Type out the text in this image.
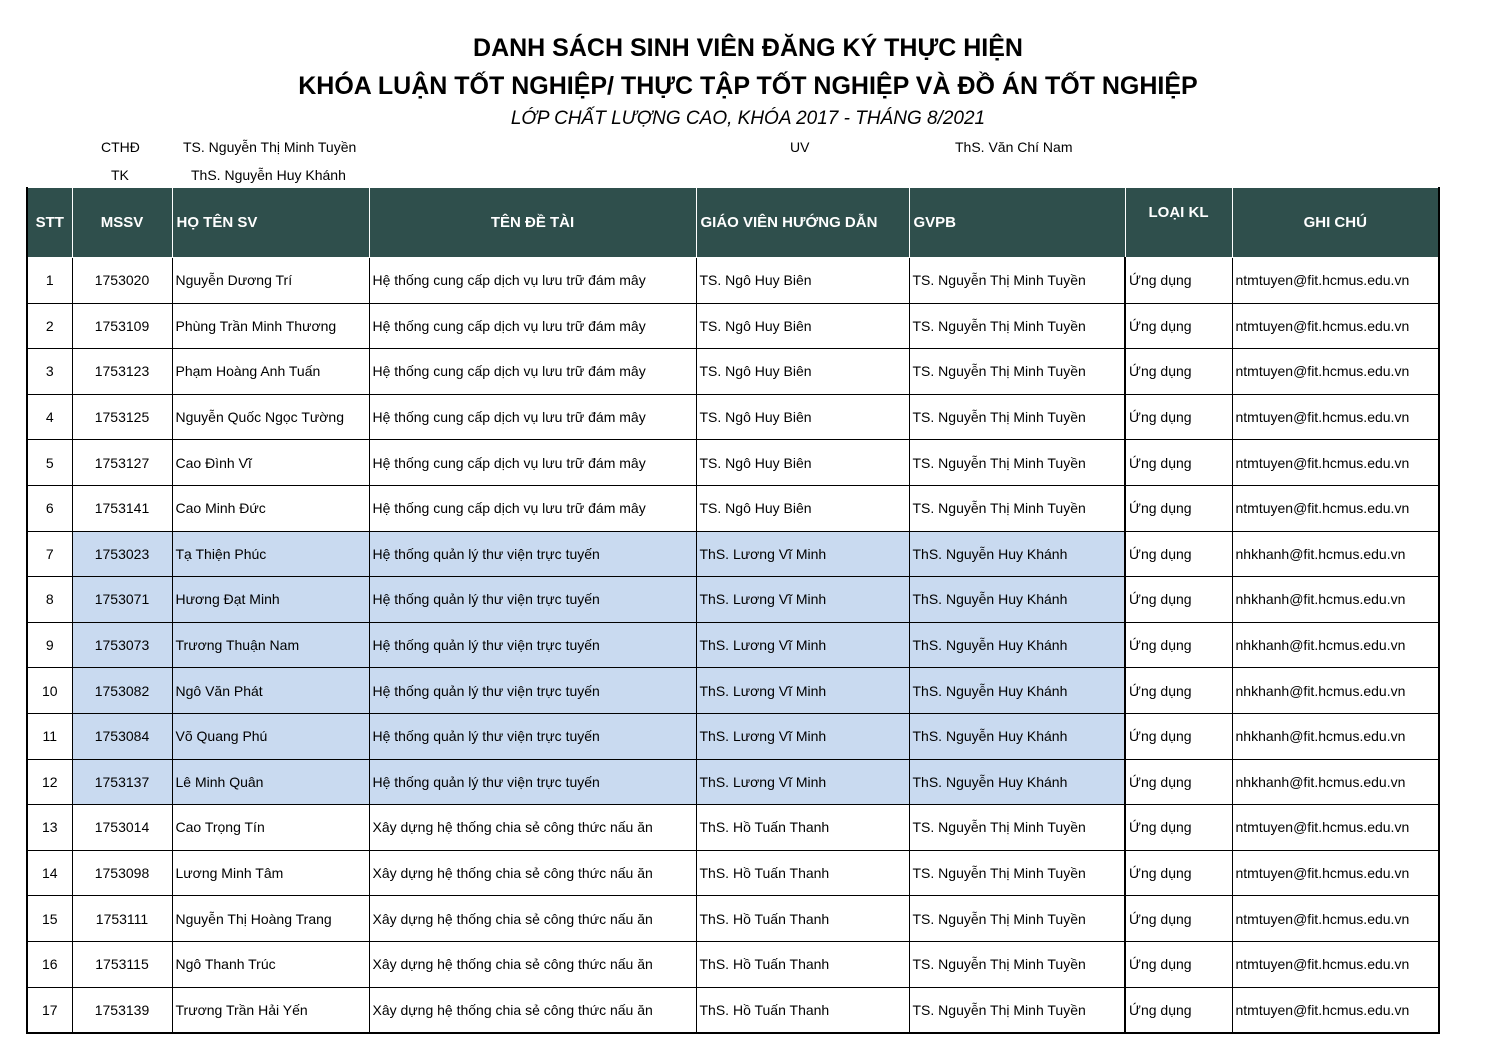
DANH SÁCH SINH VIÊN ĐĂNG KÝ THỰC HIỆN
KHÓA LUẬN TỐT NGHIỆP/ THỰC TẬP TỐT NGHIỆP VÀ ĐỒ ÁN TỐT NGHIỆP
LỚP CHẤT LƯỢNG CAO, KHÓA 2017 - THÁNG 8/2021
CTHĐ	TS. Nguyễn Thị Minh Tuyền
TK	ThS. Nguyễn Huy Khánh
UV	ThS. Văn Chí Nam
STT	MSSV	HỌ TÊN SV	TÊN ĐỀ TÀI	GIÁO VIÊN HƯỚNG DẪN	GVPB	LOẠI KL	GHI CHÚ
1	1753020	Nguyễn Dương Trí	Hệ thống cung cấp dịch vụ lưu trữ đám mây	TS. Ngô Huy Biên	TS. Nguyễn Thị Minh Tuyền	Ứng dụng	ntmtuyen@fit.hcmus.edu.vn
2	1753109	Phùng Trần Minh Thương	Hệ thống cung cấp dịch vụ lưu trữ đám mây	TS. Ngô Huy Biên	TS. Nguyễn Thị Minh Tuyền	Ứng dụng	ntmtuyen@fit.hcmus.edu.vn
3	1753123	Phạm Hoàng Anh Tuấn	Hệ thống cung cấp dịch vụ lưu trữ đám mây	TS. Ngô Huy Biên	TS. Nguyễn Thị Minh Tuyền	Ứng dụng	ntmtuyen@fit.hcmus.edu.vn
4	1753125	Nguyễn Quốc Ngọc Tường	Hệ thống cung cấp dịch vụ lưu trữ đám mây	TS. Ngô Huy Biên	TS. Nguyễn Thị Minh Tuyền	Ứng dụng	ntmtuyen@fit.hcmus.edu.vn
5	1753127	Cao Đình Vĩ	Hệ thống cung cấp dịch vụ lưu trữ đám mây	TS. Ngô Huy Biên	TS. Nguyễn Thị Minh Tuyền	Ứng dụng	ntmtuyen@fit.hcmus.edu.vn
6	1753141	Cao Minh Đức	Hệ thống cung cấp dịch vụ lưu trữ đám mây	TS. Ngô Huy Biên	TS. Nguyễn Thị Minh Tuyền	Ứng dụng	ntmtuyen@fit.hcmus.edu.vn
7	1753023	Tạ Thiện Phúc	Hệ thống quản lý thư viện trực tuyến	ThS. Lương Vĩ Minh	ThS. Nguyễn Huy Khánh	Ứng dụng	nhkhanh@fit.hcmus.edu.vn
8	1753071	Hương Đạt Minh	Hệ thống quản lý thư viện trực tuyến	ThS. Lương Vĩ Minh	ThS. Nguyễn Huy Khánh	Ứng dụng	nhkhanh@fit.hcmus.edu.vn
9	1753073	Trương Thuận Nam	Hệ thống quản lý thư viện trực tuyến	ThS. Lương Vĩ Minh	ThS. Nguyễn Huy Khánh	Ứng dụng	nhkhanh@fit.hcmus.edu.vn
10	1753082	Ngô Văn Phát	Hệ thống quản lý thư viện trực tuyến	ThS. Lương Vĩ Minh	ThS. Nguyễn Huy Khánh	Ứng dụng	nhkhanh@fit.hcmus.edu.vn
11	1753084	Võ Quang Phú	Hệ thống quản lý thư viện trực tuyến	ThS. Lương Vĩ Minh	ThS. Nguyễn Huy Khánh	Ứng dụng	nhkhanh@fit.hcmus.edu.vn
12	1753137	Lê Minh Quân	Hệ thống quản lý thư viện trực tuyến	ThS. Lương Vĩ Minh	ThS. Nguyễn Huy Khánh	Ứng dụng	nhkhanh@fit.hcmus.edu.vn
13	1753014	Cao Trọng Tín	Xây dựng hệ thống chia sẻ công thức nấu ăn	ThS. Hồ Tuấn Thanh	TS. Nguyễn Thị Minh Tuyền	Ứng dụng	ntmtuyen@fit.hcmus.edu.vn
14	1753098	Lương Minh Tâm	Xây dựng hệ thống chia sẻ công thức nấu ăn	ThS. Hồ Tuấn Thanh	TS. Nguyễn Thị Minh Tuyền	Ứng dụng	ntmtuyen@fit.hcmus.edu.vn
15	1753111	Nguyễn Thị Hoàng Trang	Xây dựng hệ thống chia sẻ công thức nấu ăn	ThS. Hồ Tuấn Thanh	TS. Nguyễn Thị Minh Tuyền	Ứng dụng	ntmtuyen@fit.hcmus.edu.vn
16	1753115	Ngô Thanh Trúc	Xây dựng hệ thống chia sẻ công thức nấu ăn	ThS. Hồ Tuấn Thanh	TS. Nguyễn Thị Minh Tuyền	Ứng dụng	ntmtuyen@fit.hcmus.edu.vn
17	1753139	Trương Trần Hải Yến	Xây dựng hệ thống chia sẻ công thức nấu ăn	ThS. Hồ Tuấn Thanh	TS. Nguyễn Thị Minh Tuyền	Ứng dụng	ntmtuyen@fit.hcmus.edu.vn
